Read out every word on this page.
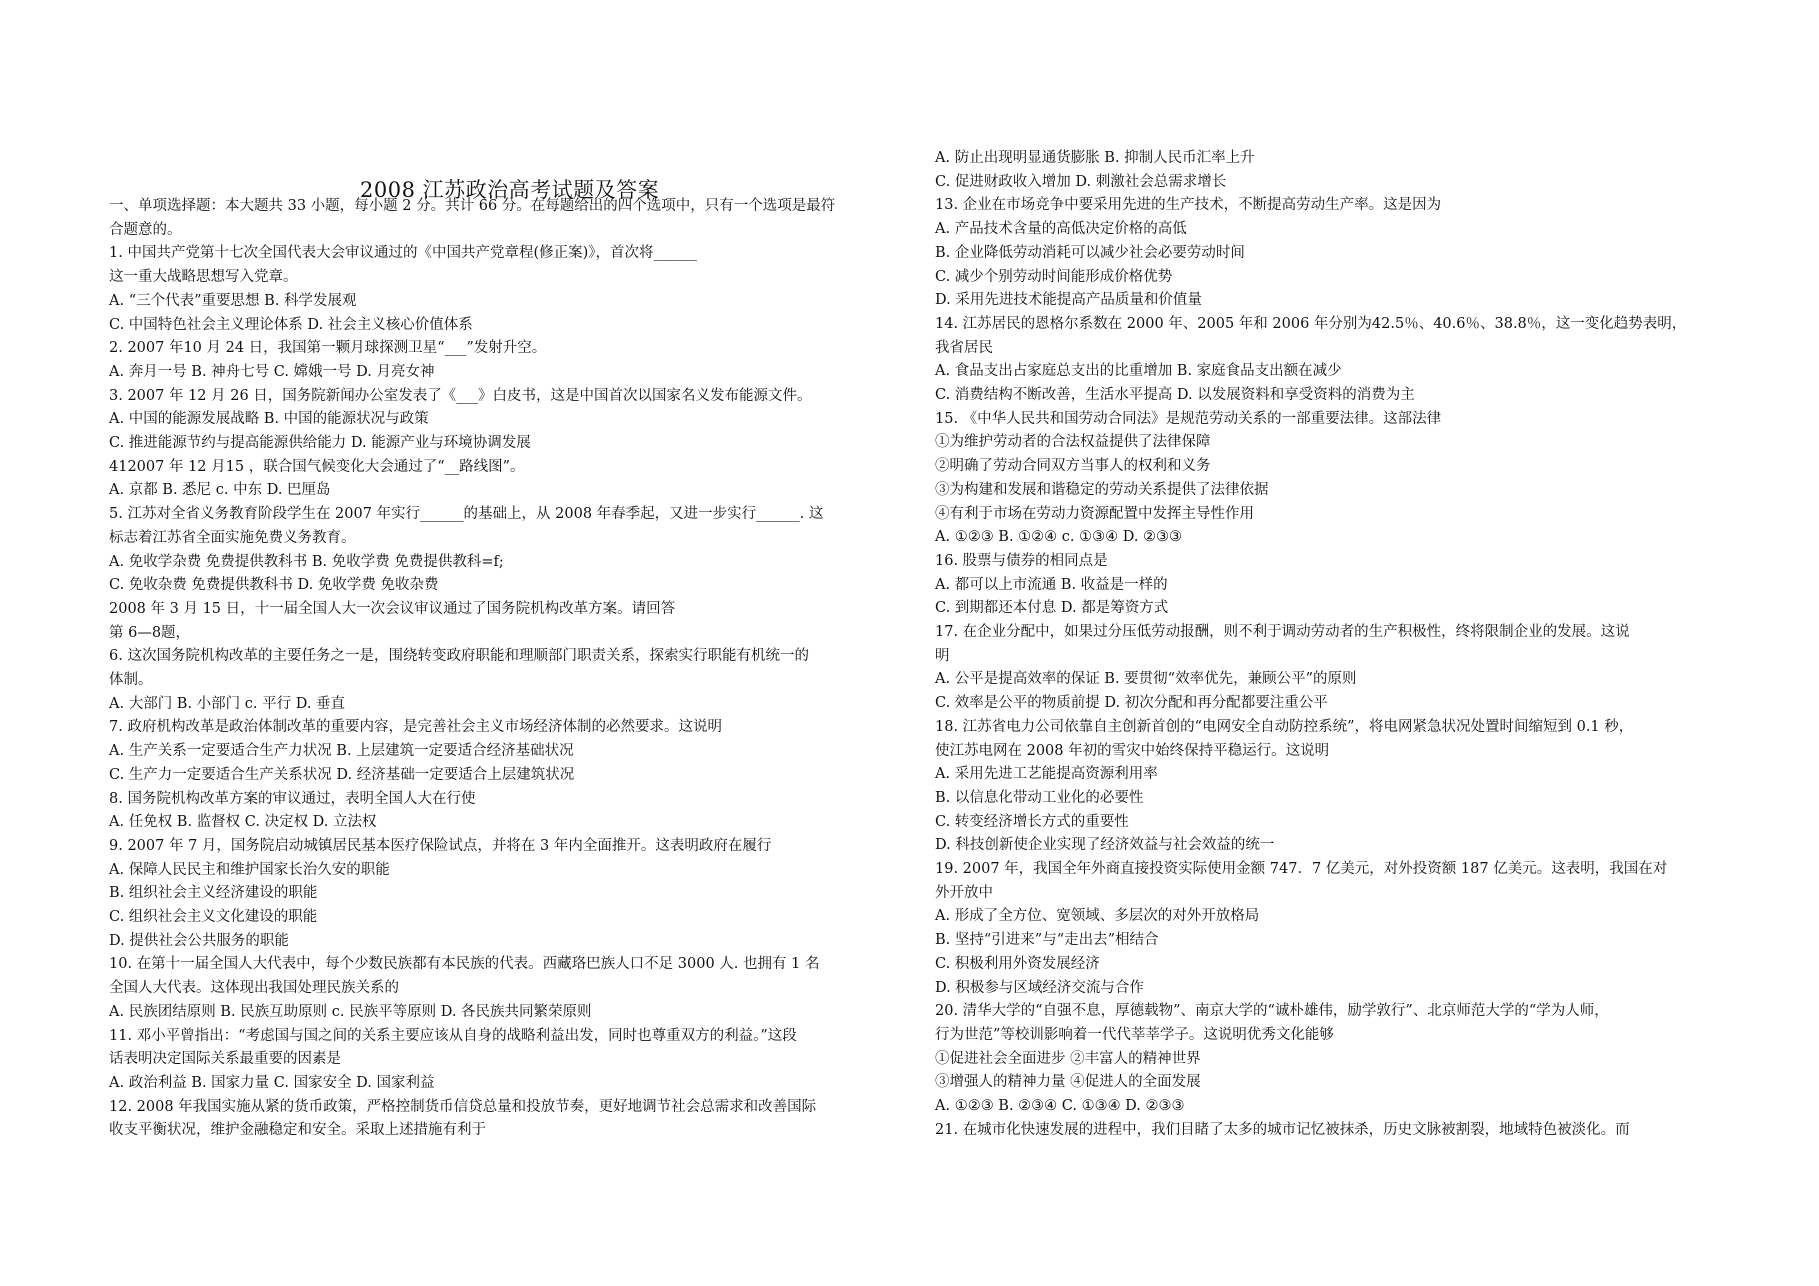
2008 江苏政治高考试题及答案
一、单项选择题：本大题共 33 小题，每小题 2 分。共计 66 分。在每题给出的四个选项中，只有一个选项是最符
合题意的。
1. 中国共产党第十七次全国代表大会审议通过的《中国共产党章程(修正案)》，首次将______
这一重大战略思想写入党章。
A. “三个代表”重要思想 B. 科学发展观
C. 中国特色社会主义理论体系 D. 社会主义核心价值体系
2. 2007 年10 月 24 日，我国第一颗月球探测卫星“___”发射升空。
A. 奔月一号 B. 神舟七号 C. 嫦娥一号 D. 月亮女神
3. 2007 年 12 月 26 日，国务院新闻办公室发表了《___》白皮书，这是中国首次以国家名义发布能源文件。
A. 中国的能源发展战略 B. 中国的能源状况与政策
C. 推进能源节约与提高能源供给能力 D. 能源产业与环境协调发展
412007 年 12 月15 ，联合国气候变化大会通过了“__路线图”。
A. 京都 B. 悉尼 c. 中东 D. 巴厘岛
5. 江苏对全省义务教育阶段学生在 2007 年实行______的基础上，从 2008 年春季起，又进一步实行______. 这
标志着江苏省全面实施免费义务教育。
A. 免收学杂费 免费提供教科书 B. 免收学费 免费提供教科=f;
C. 免收杂费 免费提供教科书 D. 免收学费 免收杂费
2008 年 3 月 15 日，十一届全国人大一次会议审议通过了国务院机构改革方案。请回答
第 6—8题，
6. 这次国务院机构改革的主要任务之一是，围绕转变政府职能和理顺部门职责关系，探索实行职能有机统一的
体制。
A. 大部门 B. 小部门 c. 平行 D. 垂直
7. 政府机构改革是政治体制改革的重要内容，是完善社会主义市场经济体制的必然要求。这说明
A. 生产关系一定要适合生产力状况 B. 上层建筑一定要适合经济基础状况
C. 生产力一定要适合生产关系状况 D. 经济基础一定要适合上层建筑状况
8. 国务院机构改革方案的审议通过，表明全国人大在行使
A. 任免权 B. 监督权 C. 决定权 D. 立法权
9. 2007 年 7 月，国务院启动城镇居民基本医疗保险试点，并将在 3 年内全面推开。这表明政府在履行
A. 保障人民民主和维护国家长治久安的职能
B. 组织社会主义经济建设的职能
C. 组织社会主义文化建设的职能
D. 提供社会公共服务的职能
10. 在第十一届全国人大代表中，每个少数民族都有本民族的代表。西藏珞巴族人口不足 3000 人. 也拥有 1 名
全国人大代表。这体现出我国处理民族关系的
A. 民族团结原则 B. 民族互助原则 c. 民族平等原则 D. 各民族共同繁荣原则
11. 邓小平曾指出：“考虑国与国之间的关系主要应该从自身的战略利益出发，同时也尊重双方的利益。”这段
话表明决定国际关系最重要的因素是
A. 政治利益 B. 国家力量 C. 国家安全 D. 国家利益
12. 2008 年我国实施从紧的货币政策，严格控制货币信贷总量和投放节奏，更好地调节社会总需求和改善国际
收支平衡状况，维护金融稳定和安全。采取上述措施有利于
A. 防止出现明显通货膨胀 B. 抑制人民币汇率上升
C. 促进财政收入增加 D. 刺激社会总需求增长
13. 企业在市场竞争中要采用先进的生产技术，不断提高劳动生产率。这是因为
A. 产品技术含量的高低决定价格的高低
B. 企业降低劳动消耗可以减少社会必要劳动时间
C. 减少个别劳动时间能形成价格优势
D. 采用先进技术能提高产品质量和价值量
14. 江苏居民的恩格尔系数在 2000 年、2005 年和 2006 年分别为42.5％、40.6％、38.8％，这一变化趋势表明，
我省居民
A. 食品支出占家庭总支出的比重增加 B. 家庭食品支出额在减少
C. 消费结构不断改善，生活水平提高 D. 以发展资料和享受资料的消费为主
15. 《中华人民共和国劳动合同法》是规范劳动关系的一部重要法律。这部法律
①为维护劳动者的合法权益提供了法律保障
②明确了劳动合同双方当事人的权利和义务
③为构建和发展和谐稳定的劳动关系提供了法律依据
④有利于市场在劳动力资源配置中发挥主导性作用
A. ①②③ B. ①②④ c. ①③④ D. ②③③
16. 股票与债券的相同点是
A. 都可以上市流通 B. 收益是一样的
C. 到期都还本付息 D. 都是筹资方式
17. 在企业分配中，如果过分压低劳动报酬，则不利于调动劳动者的生产积极性，终将限制企业的发展。这说
明
A. 公平是提高效率的保证 B. 要贯彻“效率优先，兼顾公平”的原则
C. 效率是公平的物质前提 D. 初次分配和再分配都要注重公平
18. 江苏省电力公司依靠自主创新首创的“电网安全自动防控系统”，将电网紧急状况处置时间缩短到 0.1 秒，
使江苏电网在 2008 年初的雪灾中始终保持平稳运行。这说明
A. 采用先进工艺能提高资源利用率
B. 以信息化带动工业化的必要性
C. 转变经济增长方式的重要性
D. 科技创新使企业实现了经济效益与社会效益的统一
19. 2007 年，我国全年外商直接投资实际使用金额 747．7 亿美元，对外投资额 187 亿美元。这表明，我国在对
外开放中
A. 形成了全方位、宽领域、多层次的对外开放格局
B. 坚持“引进来”与“走出去”相结合
C. 积极利用外资发展经济
D. 积极参与区域经济交流与合作
20. 清华大学的“自强不息，厚德载物”、南京大学的“诚朴雄伟，励学敦行”、北京师范大学的“学为人师，
行为世范”等校训影响着一代代莘莘学子。这说明优秀文化能够
①促进社会全面进步 ②丰富人的精神世界
③增强人的精神力量 ④促进人的全面发展
A. ①②③ B. ②③④ C. ①③④ D. ②③③
21. 在城市化快速发展的进程中，我们目睹了太多的城市记忆被抹杀，历史文脉被割裂，地域特色被淡化。而
